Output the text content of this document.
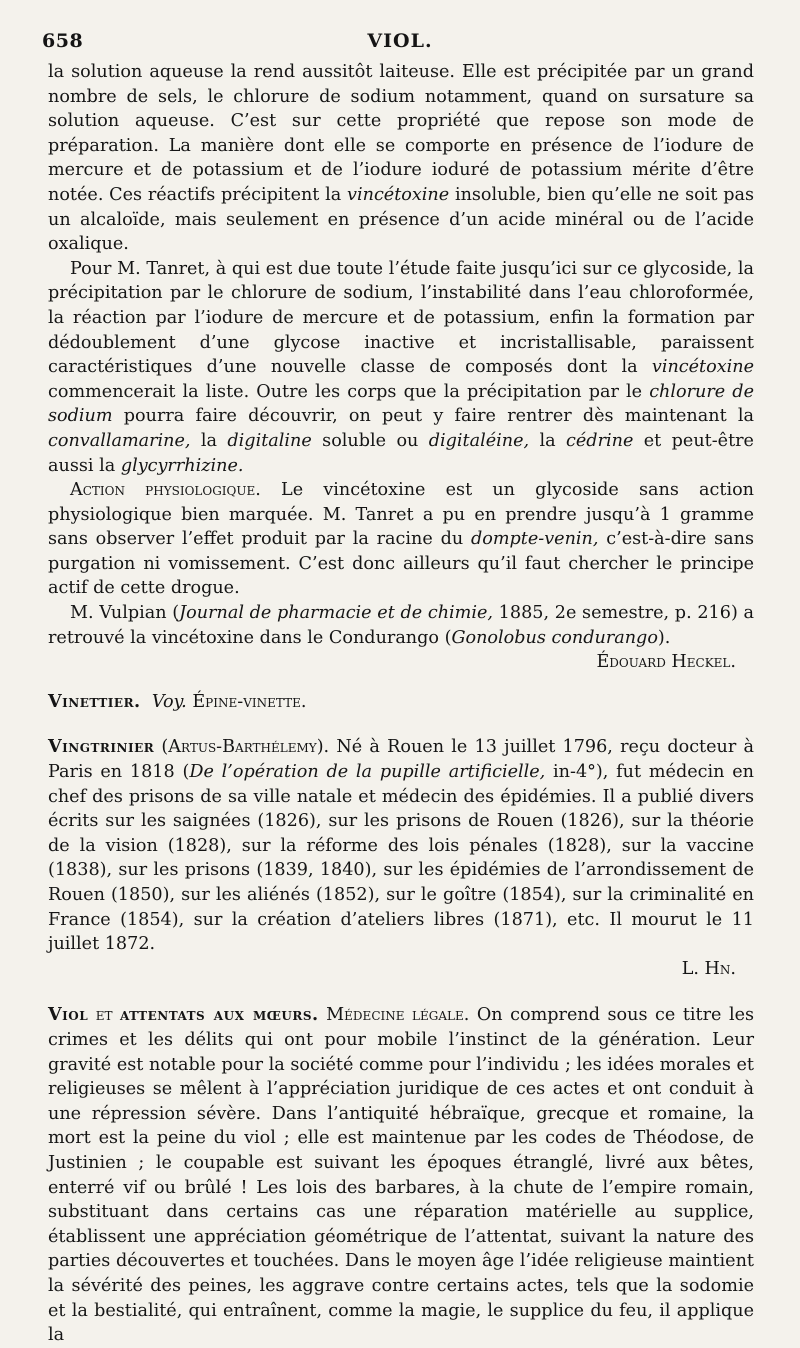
658	VIOL.

la solution aqueuse la rend aussitôt laiteuse. Elle est précipitée par un grand nombre de sels, le chlorure de sodium notamment, quand on sursature sa solution aqueuse. C’est sur cette propriété que repose son mode de préparation. La manière dont elle se comporte en présence de l’iodure de mercure et de potassium et de l’iodure ioduré de potassium mérite d’être notée. Ces réactifs précipitent la vincétoxine insoluble, bien qu’elle ne soit pas un alcaloïde, mais seulement en présence d’un acide minéral ou de l’acide oxalique.

Pour M. Tanret, à qui est due toute l’étude faite jusqu’ici sur ce glycoside, la précipitation par le chlorure de sodium, l’instabilité dans l’eau chloroformée, la réaction par l’iodure de mercure et de potassium, enfin la formation par dédoublement d’une glycose inactive et incristallisable, paraissent caractéristiques d’une nouvelle classe de composés dont la vincétoxine commencerait la liste. Outre les corps que la précipitation par le chlorure de sodium pourra faire découvrir, on peut y faire rentrer dès maintenant la convallamarine, la digitaline soluble ou digitaléine, la cédrine et peut-être aussi la glycyrrhizine.

Action physiologique. Le vincétoxine est un glycoside sans action physiologique bien marquée. M. Tanret a pu en prendre jusqu’à 1 gramme sans observer l’effet produit par la racine du dompte-venin, c’est-à-dire sans purgation ni vomissement. C’est donc ailleurs qu’il faut chercher le principe actif de cette drogue.

M. Vulpian (Journal de pharmacie et de chimie, 1885, 2e semestre, p. 216) a retrouvé la vincétoxine dans le Condurango (Gonolobus condurango).

Édouard Heckel.

Vinettier. Voy. Épine-vinette.

Vingtrinier (Artus-Barthélemy). Né à Rouen le 13 juillet 1796, reçu docteur à Paris en 1818 (De l’opération de la pupille artificielle, in-4°), fut médecin en chef des prisons de sa ville natale et médecin des épidémies. Il a publié divers écrits sur les saignées (1826), sur les prisons de Rouen (1826), sur la théorie de la vision (1828), sur la réforme des lois pénales (1828), sur la vaccine (1838), sur les prisons (1839, 1840), sur les épidémies de l’arrondissement de Rouen (1850), sur les aliénés (1852), sur le goître (1854), sur la criminalité en France (1854), sur la création d’ateliers libres (1871), etc. Il mourut le 11 juillet 1872.

L. Hn.

Viol et attentats aux mœurs. Médecine légale. On comprend sous ce titre les crimes et les délits qui ont pour mobile l’instinct de la génération. Leur gravité est notable pour la société comme pour l’individu ; les idées morales et religieuses se mêlent à l’appréciation juridique de ces actes et ont conduit à une répression sévère. Dans l’antiquité hébraïque, grecque et romaine, la mort est la peine du viol ; elle est maintenue par les codes de Théodose, de Justinien ; le coupable est suivant les époques étranglé, livré aux bêtes, enterré vif ou brûlé ! Les lois des barbares, à la chute de l’empire romain, substituant dans certains cas une réparation matérielle au supplice, établissent une appréciation géométrique de l’attentat, suivant la nature des parties découvertes et touchées. Dans le moyen âge l’idée religieuse maintient la sévérité des peines, les aggrave contre certains actes, tels que la sodomie et la bestialité, qui entraînent, comme la magie, le supplice du feu, il applique la
